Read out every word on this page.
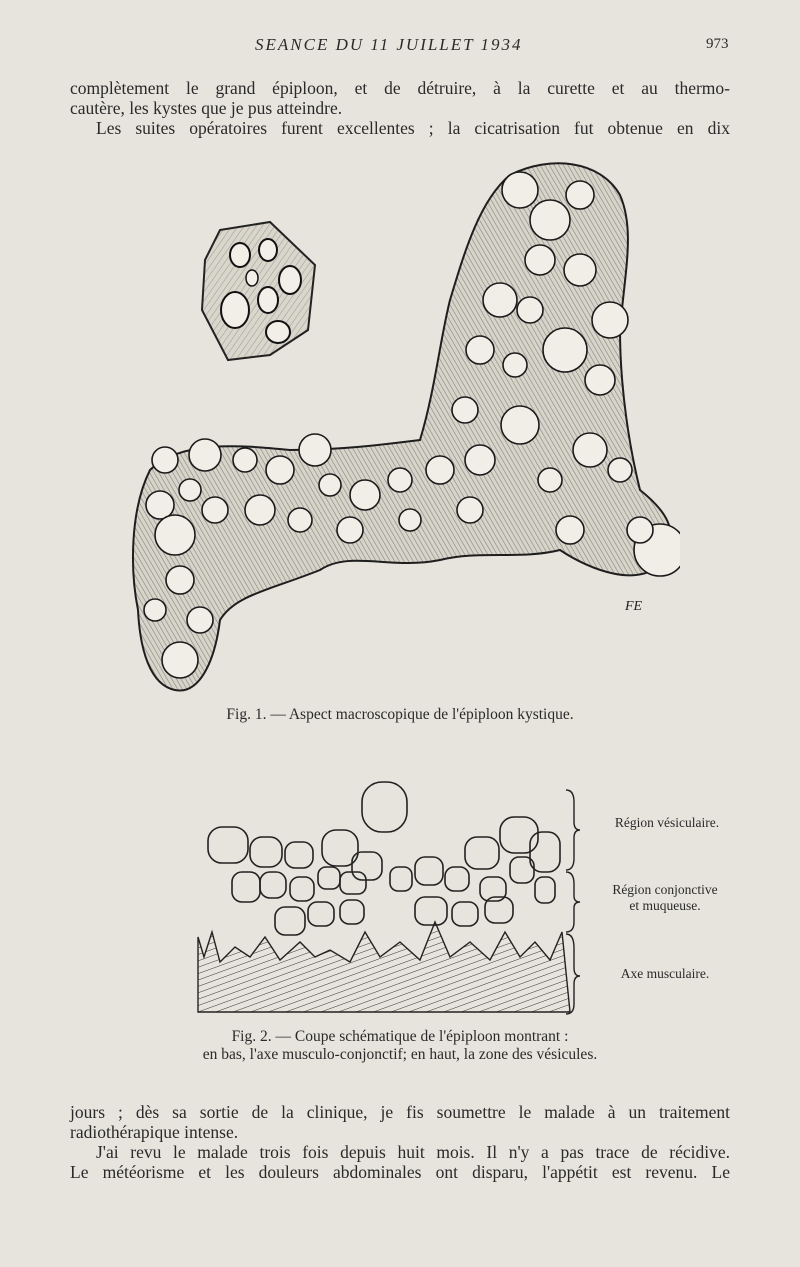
SEANCE DU 11 JUILLET 1934	973
complètement le grand épiploon, et de détruire, à la curette et au thermo-
cautère, les kystes que je pus atteindre.
Les suites opératoires furent excellentes ; la cicatrisation fut obtenue en dix
FE
Fig. 1. — Aspect macroscopique de l'épiploon kystique.
Région vésiculaire.
Région conjonctive
et muqueuse.
Axe musculaire.
Fig. 2. — Coupe schématique de l'épiploon montrant :
en bas, l'axe musculo-conjonctif; en haut, la zone des vésicules.
jours ; dès sa sortie de la clinique, je fis soumettre le malade à un traitement
radiothérapique intense.
J'ai revu le malade trois fois depuis huit mois. Il n'y a pas trace de récidive.
Le météorisme et les douleurs abdominales ont disparu, l'appétit est revenu. Le
